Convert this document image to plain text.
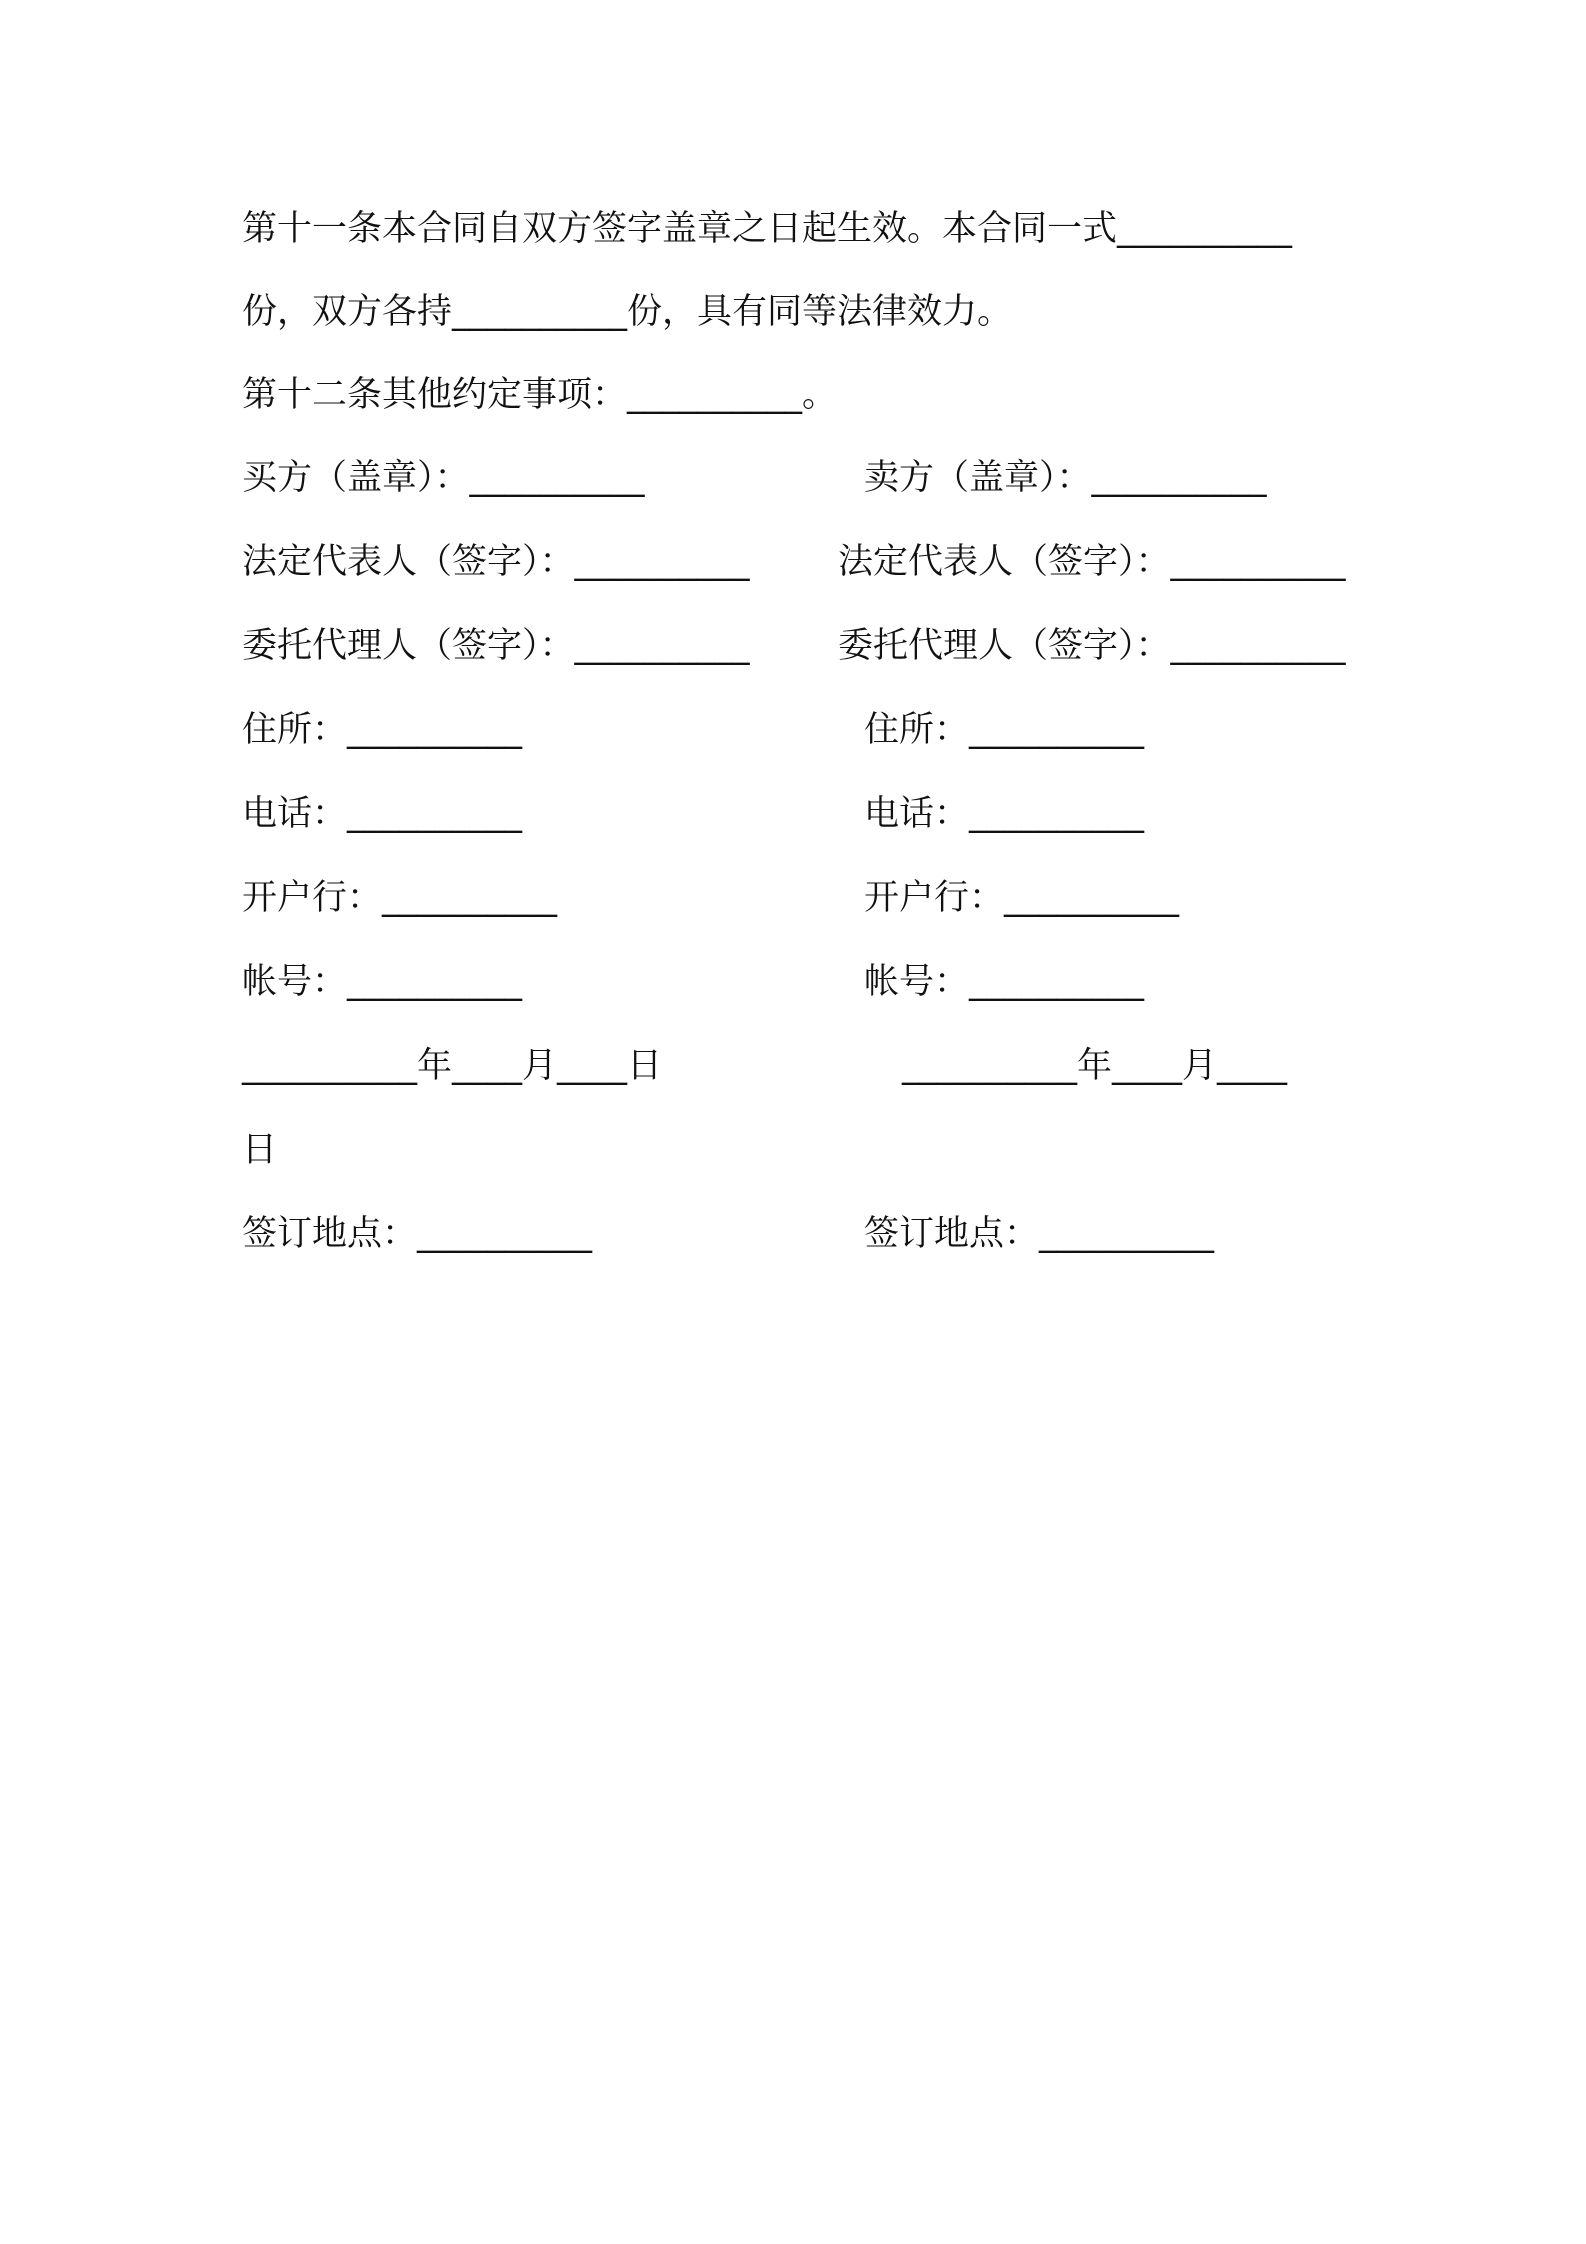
第十一条本合同自双方签字盖章之日起生效。本合同一式__________
份，双方各持__________份，具有同等法律效力。
第十二条其他约定事项：__________。
买方（盖章）：__________	卖方（盖章）：__________
法定代表人（签字）：__________	法定代表人（签字）：__________
委托代理人（签字）：__________	委托代理人（签字）：__________
住所：__________	住所：__________
电话：__________	电话：__________
开户行：__________	开户行：__________
帐号：__________	帐号：__________
__________年____月____日	__________年____月____
日
签订地点：__________	签订地点：__________
